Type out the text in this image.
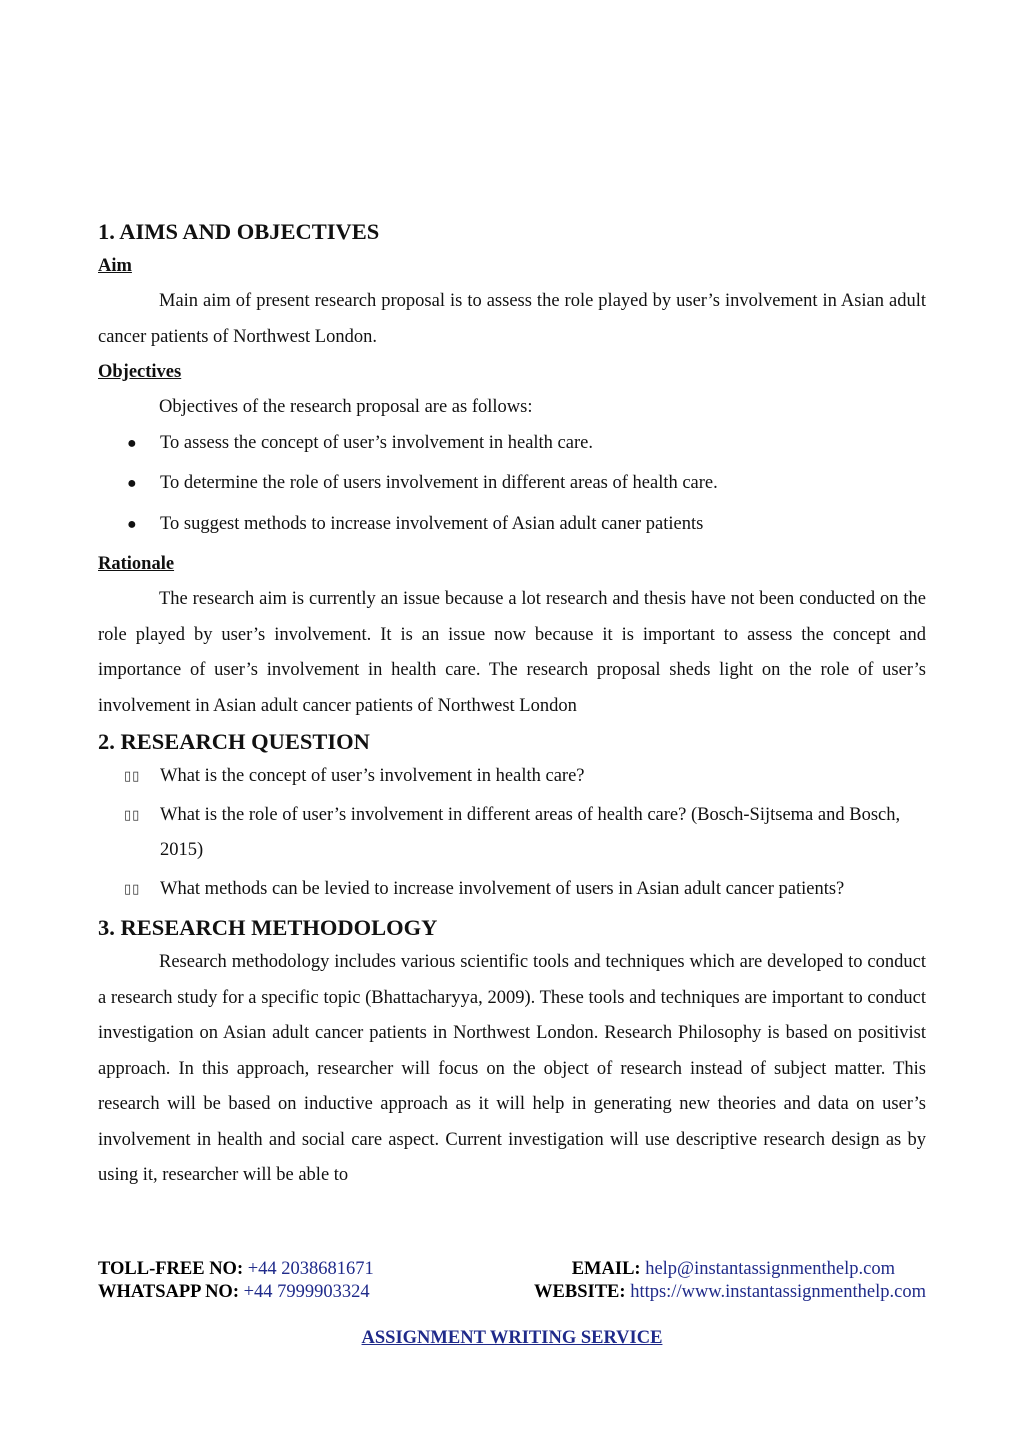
1. AIMS AND OBJECTIVES
Aim

Main aim of present research proposal is to assess the role played by user’s involvement in Asian adult cancer patients of Northwest London.

Objectives

Objectives of the research proposal are as follows:

● To assess the concept of user’s involvement in health care.
● To determine the role of users involvement in different areas of health care.
● To suggest methods to increase involvement of Asian adult caner patients
Rationale

The research aim is currently an issue because a lot research and thesis have not been conducted on the role played by user’s involvement. It is an issue now because it is important to assess the concept and importance of user’s involvement in health care. The research proposal sheds light on the role of user’s involvement in Asian adult cancer patients of Northwest London

2. RESEARCH QUESTION
▯▯ What is the concept of user’s involvement in health care?
▯▯ What is the role of user’s involvement in different areas of health care? (Bosch-Sijtsema and Bosch, 2015)
▯▯ What methods can be levied to increase involvement of users in Asian adult cancer patients?
3. RESEARCH METHODOLOGY

Research methodology includes various scientific tools and techniques which are developed to conduct a research study for a specific topic (Bhattacharyya, 2009). These tools and techniques are important to conduct investigation on Asian adult cancer patients in Northwest London. Research Philosophy is based on positivist approach. In this approach, researcher will focus on the object of research instead of subject matter. This research will be based on inductive approach as it will help in generating new theories and data on user’s involvement in health and social care aspect. Current investigation will use descriptive research design as by using it, researcher will be able to

TOLL-FREE NO: +44 2038681671	EMAIL: help@instantassignmenthelp.com
WHATSAPP NO: +44 7999903324	WEBSITE: https://www.instantassignmenthelp.com
ASSIGNMENT WRITING SERVICE
